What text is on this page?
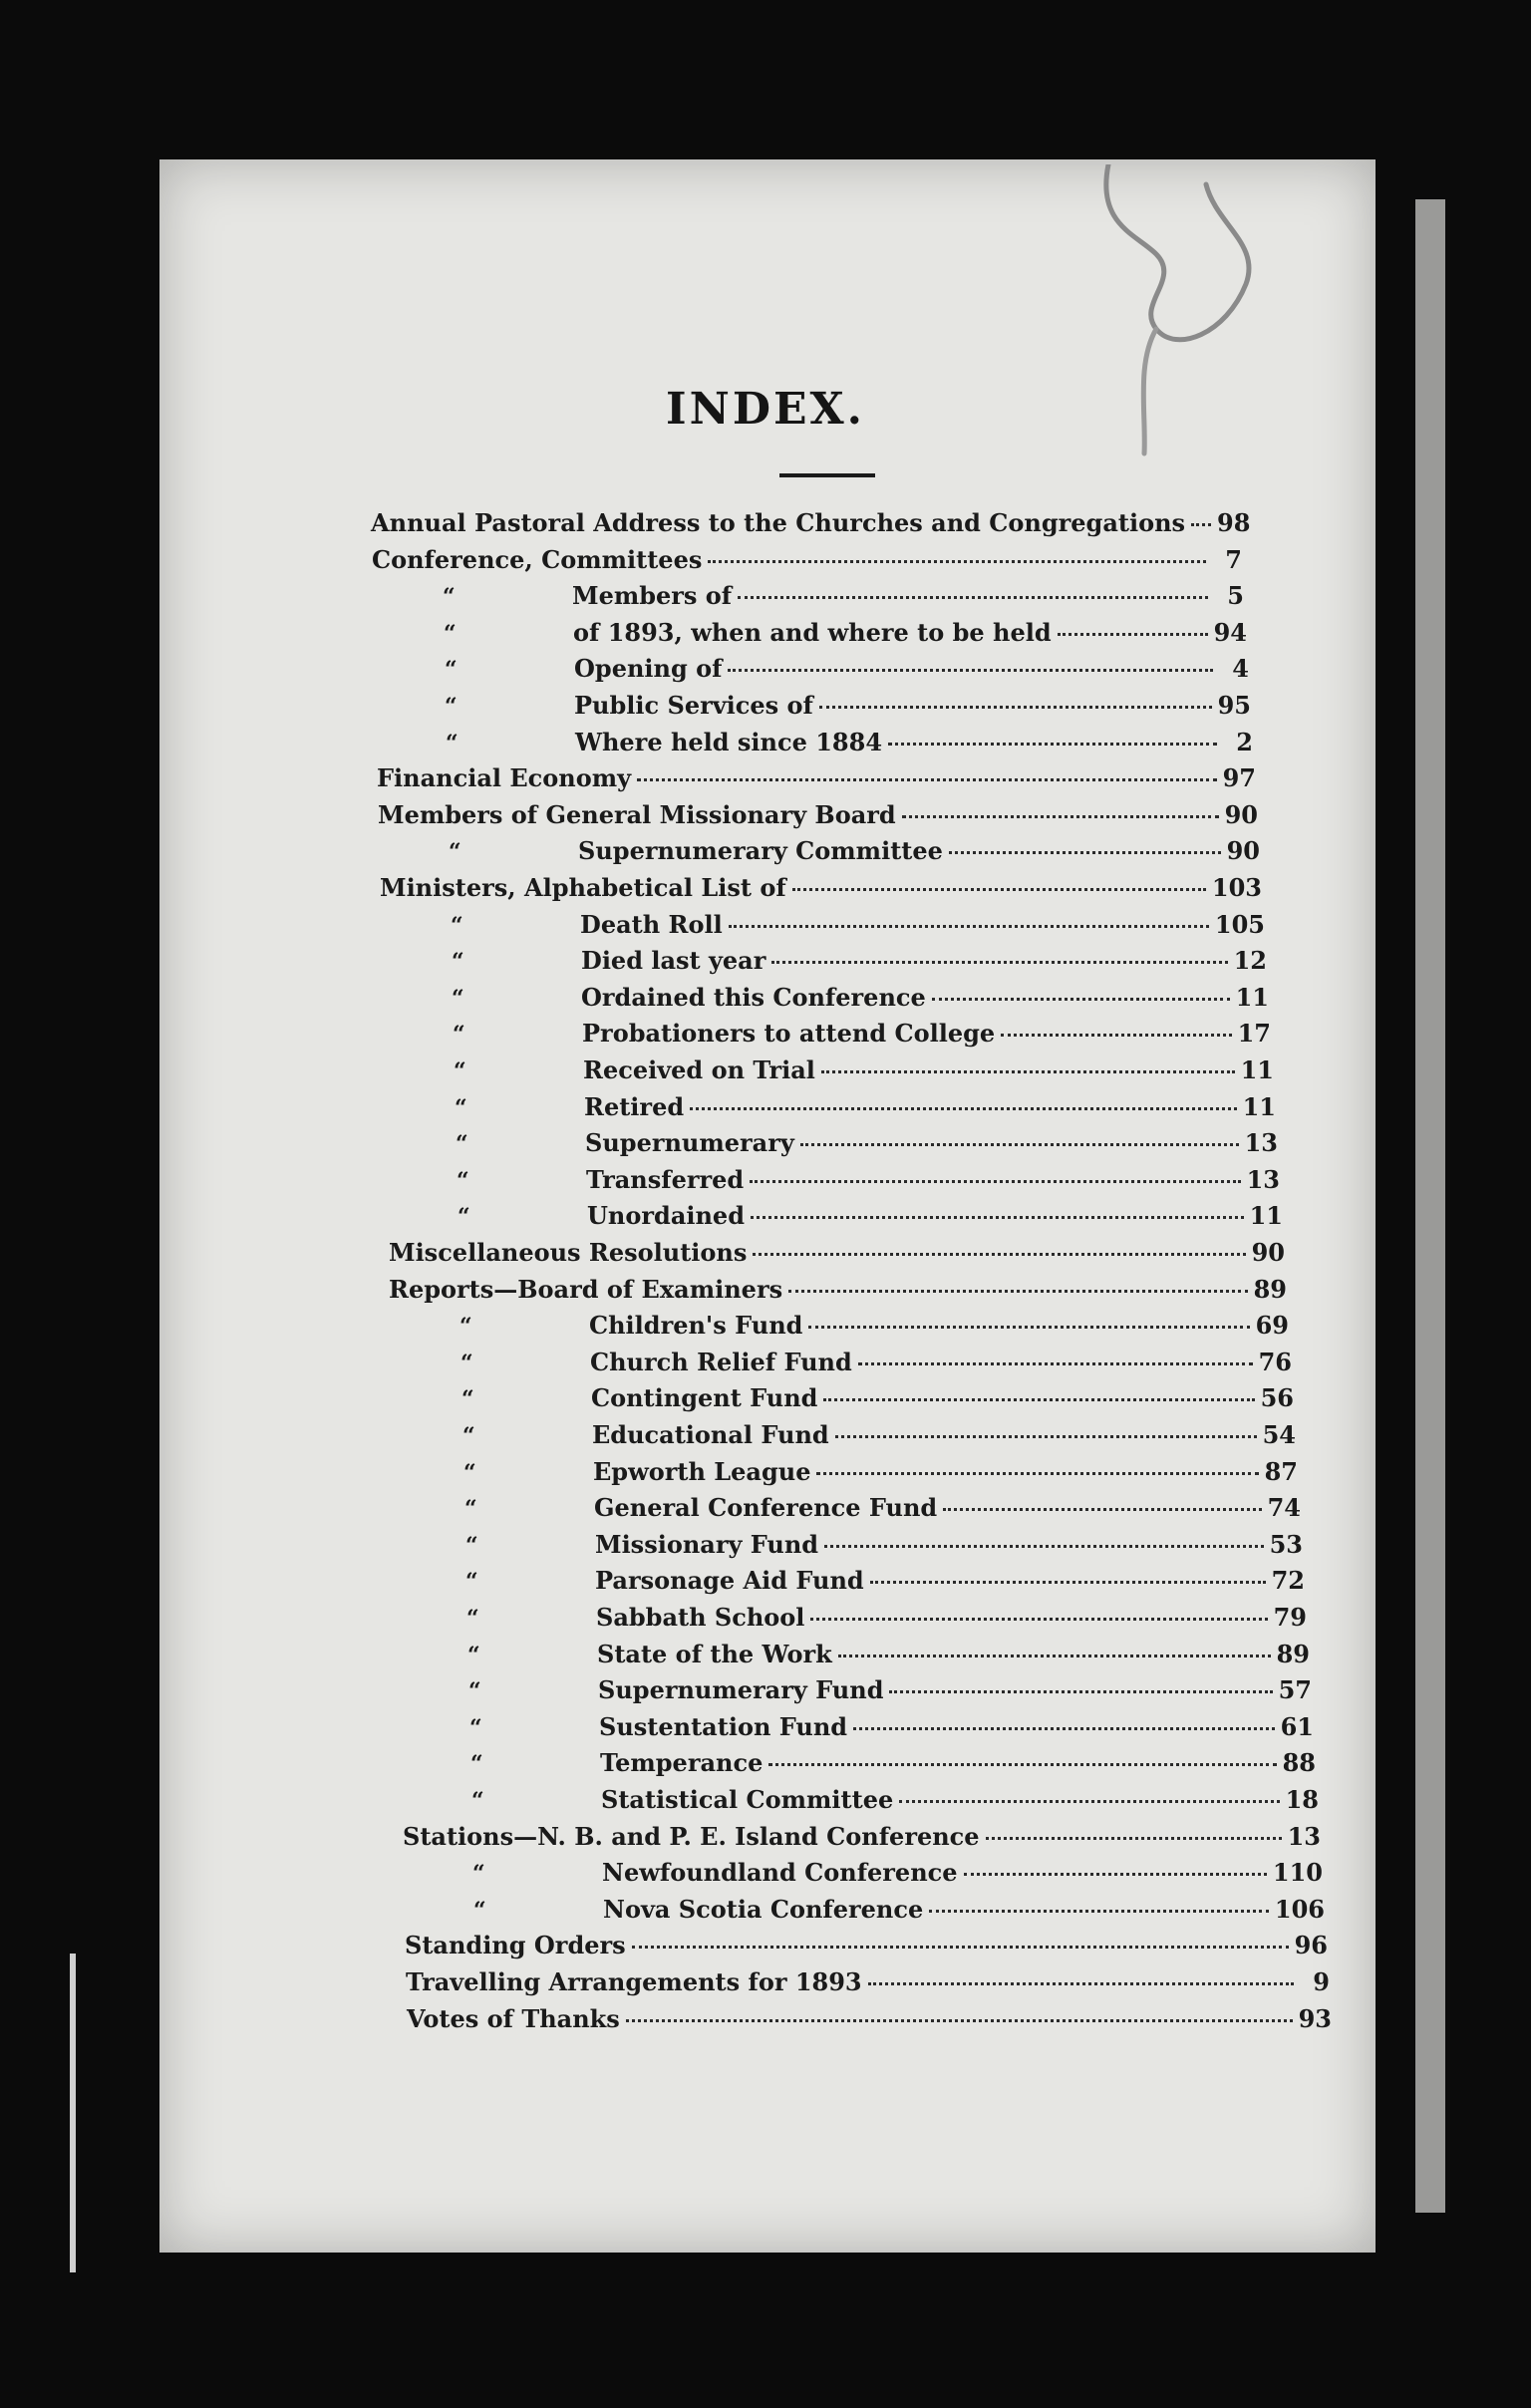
INDEX.
Annual Pastoral Address to the Churches and Congregations 98
Conference, Committees	7
“	Members of	5
“	of 1893, when and where to be held	94
“	Opening of	4
“	Public Services of	95
“	Where held since 1884	2
Financial Economy	97
Members of General Missionary Board	90
“	Supernumerary Committee	90
Ministers, Alphabetical List of	103
“	Death Roll	105
“	Died last year	12
“	Ordained this Conference	11
“	Probationers to attend College	17
“	Received on Trial	11
“	Retired	11
“	Supernumerary	13
“	Transferred	13
“	Unordained	11
Miscellaneous Resolutions	90
Reports—Board of Examiners	89
“	Children's Fund	69
“	Church Relief Fund	76
“	Contingent Fund	56
“	Educational Fund	54
“	Epworth League	87
“	General Conference Fund	74
“	Missionary Fund	53
“	Parsonage Aid Fund	72
“	Sabbath School	79
“	State of the Work	89
“	Supernumerary Fund	57
“	Sustentation Fund	61
“	Temperance	88
“	Statistical Committee	18
Stations—N. B. and P. E. Island Conference	13
“	Newfoundland Conference	110
“	Nova Scotia Conference	106
Standing Orders	96
Travelling Arrangements for 1893	9
Votes of Thanks	93
